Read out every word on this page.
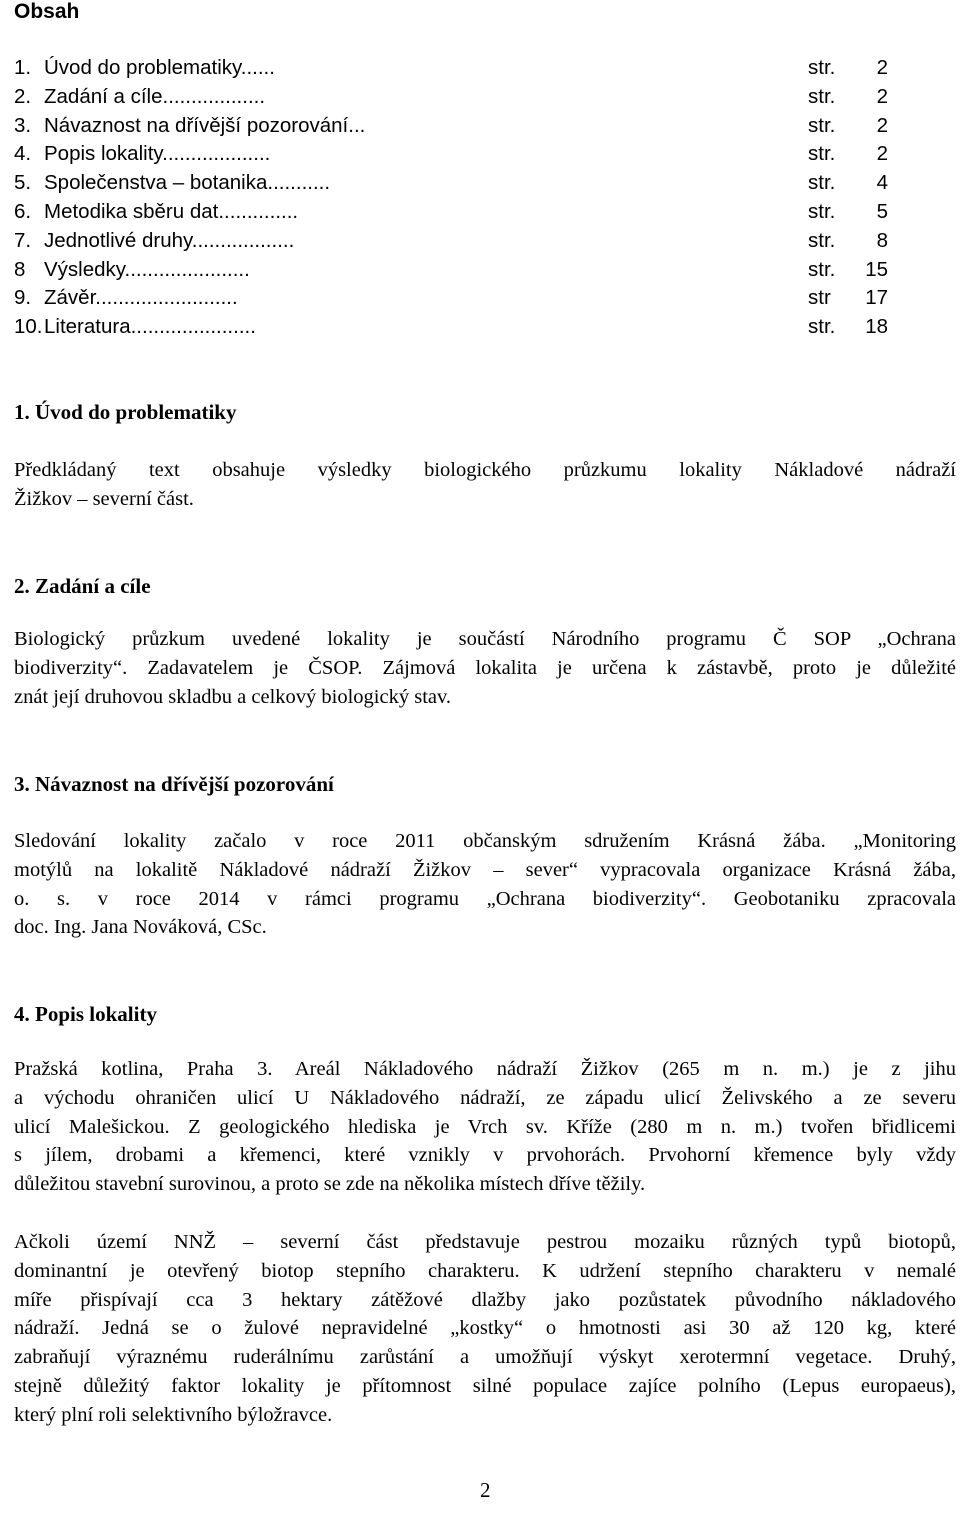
Obsah
1. Úvod do problematiky......	str.	2
2. Zadání a cíle..................	str.	2
3. Návaznost na dřívější pozorování...	str.	2
4. Popis lokality...................	str.	2
5. Společenstva – botanika...........	str.	4
6. Metodika sběru dat..............	str.	5
7. Jednotlivé druhy..................	str.	8
8 Výsledky......................	str.	15
9. Závěr.........................	str	17
10. Literatura......................	str.	18
1. Úvod do problematiky
Předkládaný text obsahuje výsledky biologického průzkumu lokality Nákladové nádraží
Žižkov – severní část.
2. Zadání a cíle
Biologický průzkum uvedené lokality je součástí Národního programu Č SOP „Ochrana
biodiverzity“. Zadavatelem je ČSOP. Zájmová lokalita je určena k zástavbě, proto je důležité
znát její druhovou skladbu a celkový biologický stav.
3. Návaznost na dřívější pozorování
Sledování lokality začalo v roce 2011 občanským sdružením Krásná žába. „Monitoring
motýlů na lokalitě Nákladové nádraží Žižkov – sever“ vypracovala organizace Krásná žába,
o. s. v roce 2014 v rámci programu „Ochrana biodiverzity“. Geobotaniku zpracovala
doc. Ing. Jana Nováková, CSc.
4. Popis lokality
Pražská kotlina, Praha 3. Areál Nákladového nádraží Žižkov (265 m n. m.) je z jihu
a východu ohraničen ulicí U Nákladového nádraží, ze západu ulicí Želivského a ze severu
ulicí Malešickou. Z geologického hlediska je Vrch sv. Kříže (280 m n. m.) tvořen břidlicemi
s jílem, drobami a křemenci, které vznikly v prvohorách. Prvohorní křemence byly vždy
důležitou stavební surovinou, a proto se zde na několika místech dříve těžily.
Ačkoli území NNŽ – severní část představuje pestrou mozaiku různých typů biotopů,
dominantní je otevřený biotop stepního charakteru. K udržení stepního charakteru v nemalé
míře přispívají cca 3 hektary zátěžové dlažby jako pozůstatek původního nákladového
nádraží. Jedná se o žulové nepravidelné „kostky“ o hmotnosti asi 30 až 120 kg, které
zabraňují výraznému ruderálnímu zarůstání a umožňují výskyt xerotermní vegetace. Druhý,
stejně důležitý faktor lokality je přítomnost silné populace zajíce polního (Lepus europaeus),
který plní roli selektivního býložravce.
2
